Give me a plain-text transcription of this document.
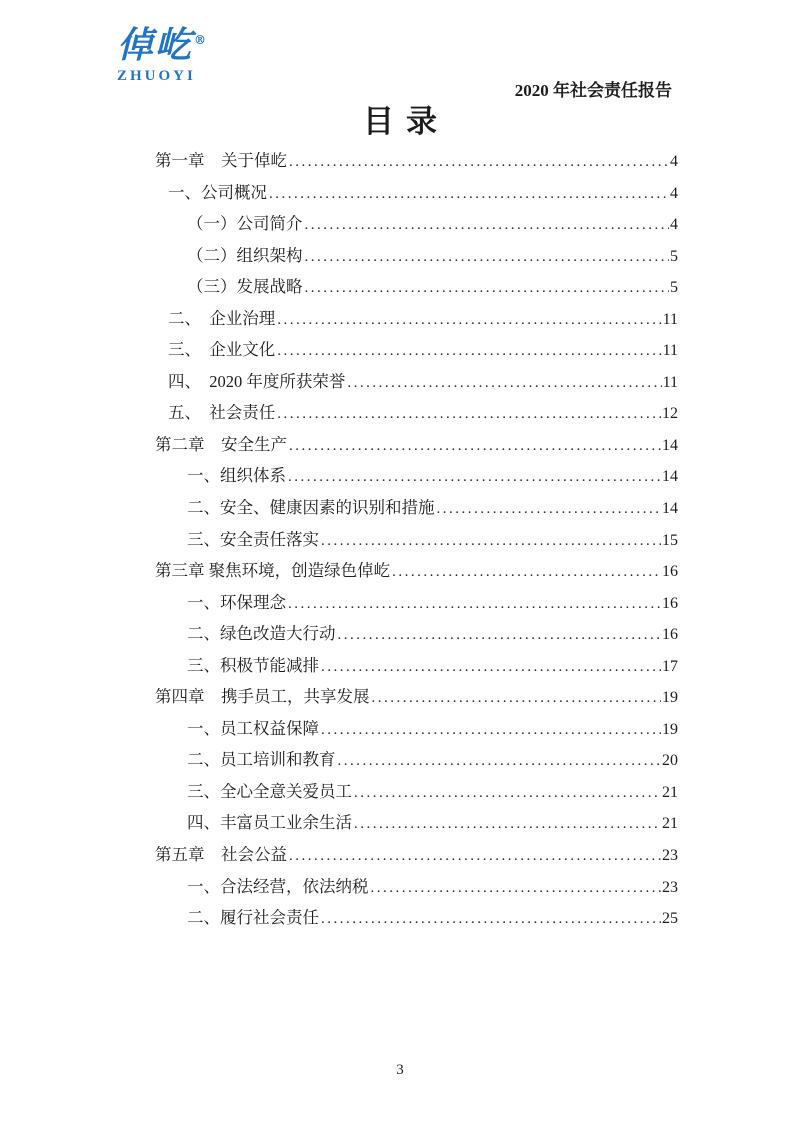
倬屹®
ZHUOYI
2020 年社会责任报告
目录
第一章　关于倬屹 .....	4
一、公司概况 .....	4
（一）公司简介 .....	4
（二）组织架构 .....	5
（三）发展战略 .....	5
二、　企业治理 .....	11
三、　企业文化 .....	11
四、　2020 年度所获荣誉 .....	11
五、　社会责任 .....	12
第二章　安全生产 .....	14
一、组织体系 .....	14
二、安全、健康因素的识别和措施 .....	14
三、安全责任落实 .....	15
第三章 聚焦环境，创造绿色倬屹 .....	16
一、环保理念 .....	16
二、绿色改造大行动 .....	16
三、积极节能减排 .....	17
第四章　携手员工，共享发展 .....	19
一、员工权益保障 .....	19
二、员工培训和教育 .....	20
三、全心全意关爱员工 .....	21
四、丰富员工业余生活 .....	21
第五章　社会公益 .....	23
一、合法经营，依法纳税 .....	23
二、履行社会责任 .....	25
3
